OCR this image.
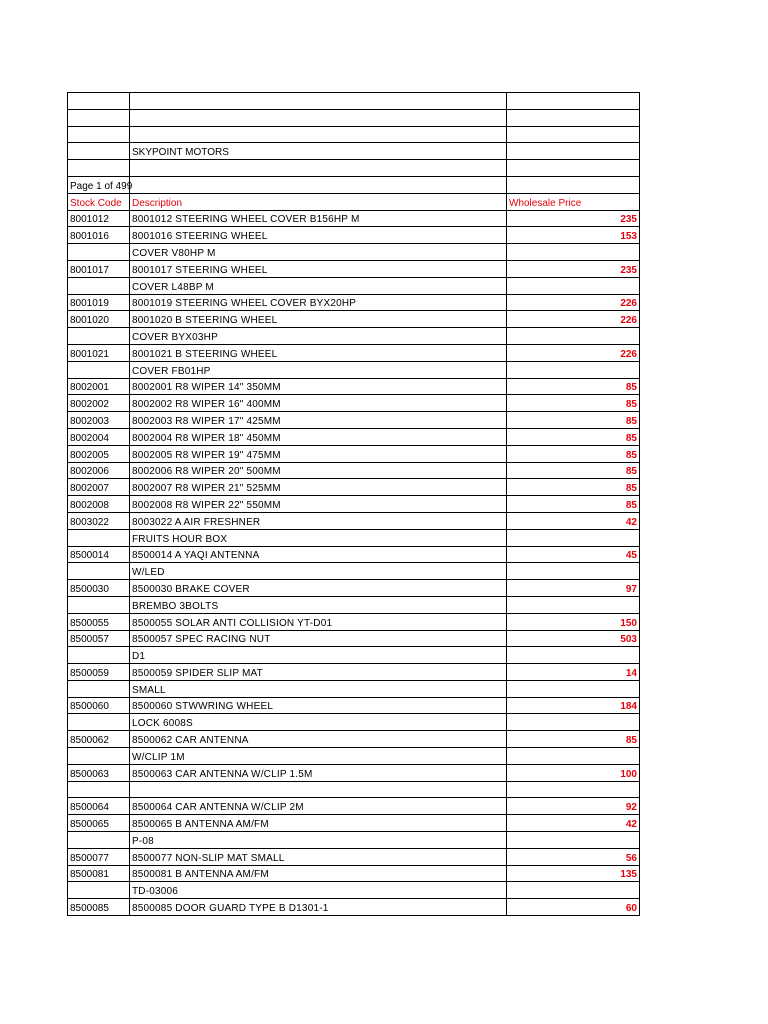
	SKYPOINT MOTORS	

Page 1 of 499		
Stock Code	Description	Wholesale Price
8001012	8001012 STEERING WHEEL COVER B156HP M	235
8001016	8001016 STEERING WHEEL	153
	COVER V80HP M	
8001017	8001017 STEERING WHEEL	235
	COVER L48BP M	
8001019	8001019 STEERING WHEEL COVER BYX20HP	226
8001020	8001020 B STEERING WHEEL	226
	COVER BYX03HP	
8001021	8001021 B STEERING WHEEL	226
	COVER FB01HP	
8002001	8002001 R8 WIPER 14" 350MM	85
8002002	8002002 R8 WIPER 16" 400MM	85
8002003	8002003 R8 WIPER 17" 425MM	85
8002004	8002004 R8 WIPER 18" 450MM	85
8002005	8002005 R8 WIPER 19" 475MM	85
8002006	8002006 R8 WIPER 20" 500MM	85
8002007	8002007 R8 WIPER 21" 525MM	85
8002008	8002008 R8 WIPER 22" 550MM	85
8003022	8003022 A AIR FRESHNER	42
	FRUITS HOUR BOX	
8500014	8500014 A YAQI ANTENNA	45
	W/LED	
8500030	8500030 BRAKE COVER	97
	BREMBO 3BOLTS	
8500055	8500055 SOLAR ANTI COLLISION YT-D01	150
8500057	8500057 SPEC RACING NUT	503
	D1	
8500059	8500059 SPIDER SLIP MAT	14
	SMALL	
8500060	8500060 STWWRING WHEEL	184
	LOCK 6008S	
8500062	8500062 CAR ANTENNA	85
	W/CLIP 1M	
8500063	8500063 CAR ANTENNA W/CLIP 1.5M	100

8500064	8500064 CAR ANTENNA W/CLIP 2M	92
8500065	8500065 B ANTENNA AM/FM	42
	P-08	
8500077	8500077 NON-SLIP MAT SMALL	56
8500081	8500081 B ANTENNA AM/FM	135
	TD-03006	
8500085	8500085 DOOR GUARD TYPE B D1301-1	60
